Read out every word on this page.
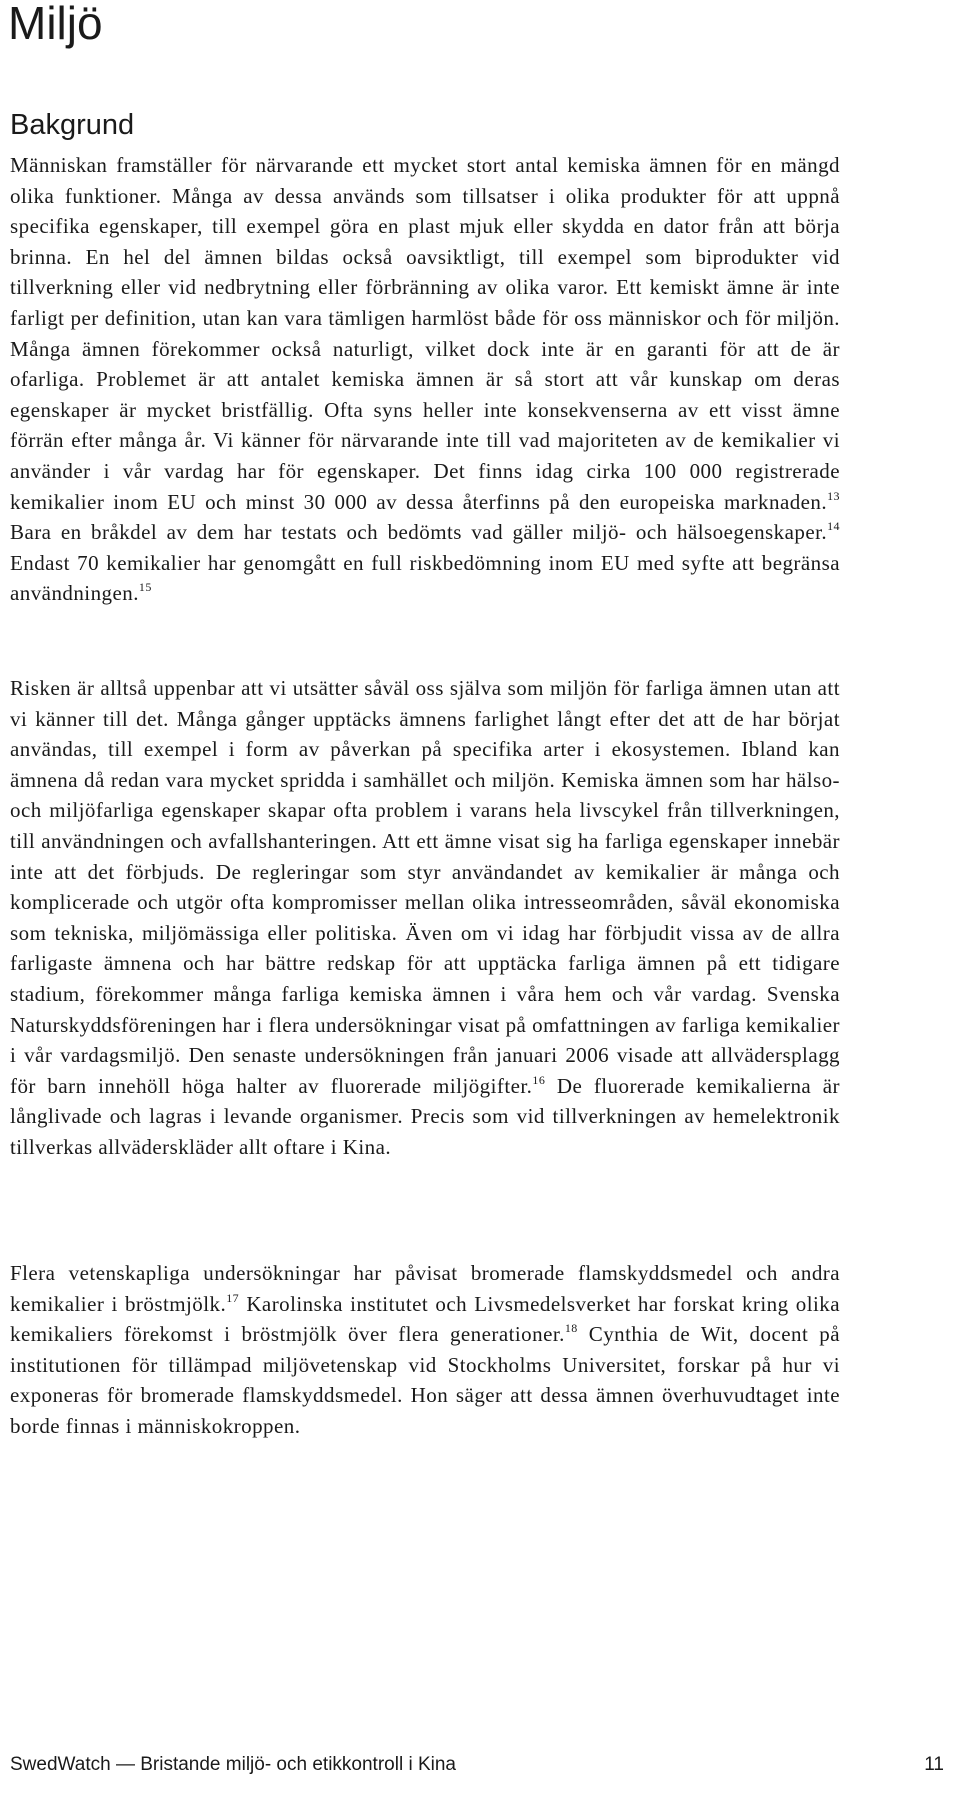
Miljö
Bakgrund

Människan framställer för närvarande ett mycket stort antal kemiska ämnen för en mängd olika funktioner. Många av dessa används som tillsatser i olika produkter för att uppnå specifika egenskaper, till exempel göra en plast mjuk eller skydda en dator från att börja brinna. En hel del ämnen bildas också oavsiktligt, till exempel som biprodukter vid tillverkning eller vid nedbrytning eller förbränning av olika varor. Ett kemiskt ämne är inte farligt per definition, utan kan vara tämligen harmlöst både för oss människor och för miljön. Många ämnen förekommer också naturligt, vilket dock inte är en garanti för att de är ofarliga. Problemet är att antalet kemiska ämnen är så stort att vår kunskap om deras egenskaper är mycket bristfällig. Ofta syns heller inte konsekvenserna av ett visst ämne förrän efter många år. Vi känner för närvarande inte till vad majoriteten av de kemikalier vi använder i vår vardag har för egenskaper. Det finns idag cirka 100 000 registrerade kemikalier inom EU och minst 30 000 av dessa återfinns på den europeiska marknaden.$^{13}$ Bara en bråkdel av dem har testats och bedömts vad gäller miljö- och hälsoegenskaper.$^{14}$ Endast 70 kemikalier har genomgått en full riskbedömning inom EU med syfte att begränsa användningen.$^{15}$

Risken är alltså uppenbar att vi utsätter såväl oss själva som miljön för farliga ämnen utan att vi känner till det. Många gånger upptäcks ämnens farlighet långt efter det att de har börjat användas, till exempel i form av påverkan på specifika arter i ekosystemen. Ibland kan ämnena då redan vara mycket spridda i samhället och miljön. Kemiska ämnen som har hälso- och miljöfarliga egenskaper skapar ofta problem i varans hela livscykel från tillverkningen, till användningen och avfallshanteringen. Att ett ämne visat sig ha farliga egenskaper innebär inte att det förbjuds. De regleringar som styr användandet av kemikalier är många och komplicerade och utgör ofta kompromisser mellan olika intresseområden, såväl ekonomiska som tekniska, miljömässiga eller politiska. Även om vi idag har förbjudit vissa av de allra farligaste ämnena och har bättre redskap för att upptäcka farliga ämnen på ett tidigare stadium, förekommer många farliga kemiska ämnen i våra hem och vår vardag. Svenska Naturskyddsföreningen har i flera undersökningar visat på omfattningen av farliga kemikalier i vår vardagsmiljö. Den senaste undersökningen från januari 2006 visade att allvädersplagg för barn innehöll höga halter av fluorerade miljögifter.$^{16}$ De fluorerade kemikalierna är långlivade och lagras i levande organismer. Precis som vid tillverkningen av hemelektronik tillverkas allväderskläder allt oftare i Kina.

Flera vetenskapliga undersökningar har påvisat bromerade flamskyddsmedel och andra kemikalier i bröstmjölk.$^{17}$ Karolinska institutet och Livsmedelsverket har forskat kring olika kemikaliers förekomst i bröstmjölk över flera generationer.$^{18}$ Cynthia de Wit, docent på institutionen för tillämpad miljövetenskap vid Stockholms Universitet, forskar på hur vi exponeras för bromerade flamskyddsmedel. Hon säger att dessa ämnen överhuvudtaget inte borde finnas i människokroppen.

SwedWatch — Bristande miljö- och etikkontroll i Kina	11
